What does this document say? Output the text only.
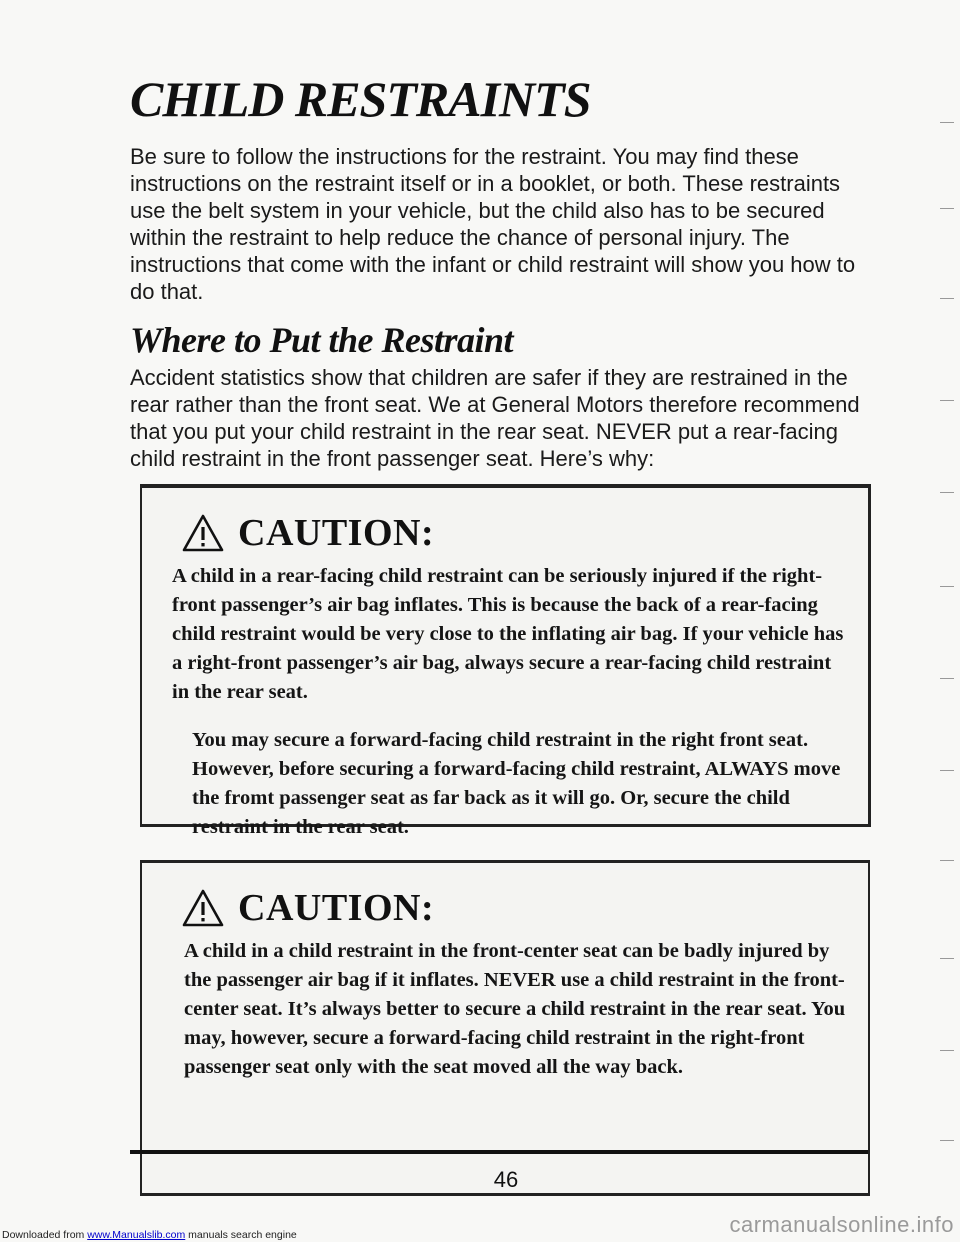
CHILD RESTRAINTS

Be sure to follow the instructions for the restraint. You may find these instructions on the restraint itself or in a booklet, or both. These restraints use the belt system in your vehicle, but the child also has to be secured within the restraint to help reduce the chance of personal injury. The instructions that come with the infant or child restraint will show you how to do that.

Where to Put the Restraint

Accident statistics show that children are safer if they are restrained in the rear rather than the front seat. We at General Motors therefore recommend that you put your child restraint in the rear seat. NEVER put a rear-facing child restraint in the front passenger seat. Here’s why:

CAUTION:

A child in a rear-facing child restraint can be seriously injured if the right-front passenger’s air bag inflates. This is because the back of a rear-facing child restraint would be very close to the inflating air bag. If your vehicle has a right-front passenger’s air bag, always secure a rear-facing child restraint in the rear seat.

You may secure a forward-facing child restraint in the right front seat. However, before securing a forward-facing child restraint, ALWAYS move the fromt passenger seat as far back as it will go. Or, secure the child restraint in the rear seat.

CAUTION:

A child in a child restraint in the front-center seat can be badly injured by the passenger air bag if it inflates. NEVER use a child restraint in the front-center seat. It’s always better to secure a child restraint in the rear seat. You may, however, secure a forward-facing child restraint in the right-front passenger seat only with the seat moved all the way back.

46
Downloaded from www.Manualslib.com manuals search engine	carmanualsonline.info
